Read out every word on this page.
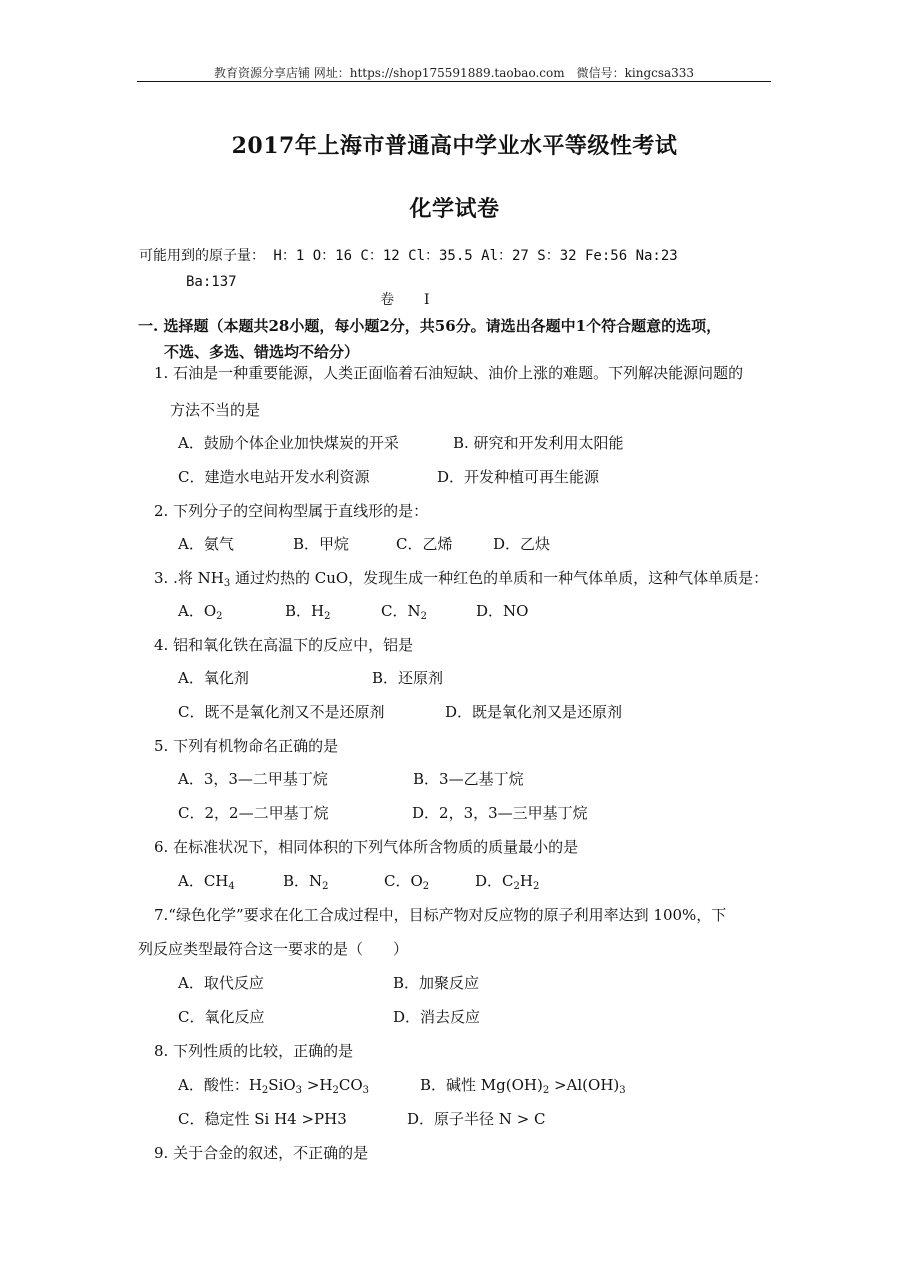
教育资源分享店铺 网址：https://shop175591889.taobao.com　微信号：kingcsa333
2017年上海市普通高中学业水平等级性考试
化学试卷
可能用到的原子量： H：1 O：16 C：12 Cl：35.5 Al：27 S：32 Fe:56 Na:23
Ba:137
卷 Ⅰ
一. 选择题（本题共28小题，每小题2分，共56分。请选出各题中1个符合题意的选项，
不选、多选、错选均不给分）
1. 石油是一种重要能源，人类正面临着石油短缺、油价上涨的难题。下列解决能源问题的
方法不当的是
A．鼓励个体企业加快煤炭的开采	B. 研究和开发利用太阳能
C．建造水电站开发水利资源	D．开发种植可再生能源
2. 下列分子的空间构型属于直线形的是：
A．氨气	B．甲烷	C．乙烯	D．乙炔
3. .将 $NH_3$ 通过灼热的 CuO，发现生成一种红色的单质和一种气体单质，这种气体单质是：
A．$O_2$	B．$H_2$	C．$N_2$	D．NO
4. 铝和氧化铁在高温下的反应中，铝是
A．氧化剂	B．还原剂
C．既不是氧化剂又不是还原剂	D．既是氧化剂又是还原剂
5. 下列有机物命名正确的是
A．3，3—二甲基丁烷	B．3—乙基丁烷
C．2，2—二甲基丁烷	D．2，3，3—三甲基丁烷
6. 在标准状况下，相同体积的下列气体所含物质的质量最小的是
A．$CH_4$	B．$N_2$	C．$O_2$	D．$C_2H_2$
7.“绿色化学”要求在化工合成过程中，目标产物对反应物的原子利用率达到 100%，下
列反应类型最符合这一要求的是（　　）
A．取代反应	B．加聚反应
C．氧化反应	D．消去反应
8. 下列性质的比较，正确的是
A．酸性：$H_2SiO_3 >H_2CO_3$	B．碱性 $Mg(OH)_2 >Al(OH)_3$
C．稳定性 Si H4 >PH3	D．原子半径 N > C
9. 关于合金的叙述，不正确的是
